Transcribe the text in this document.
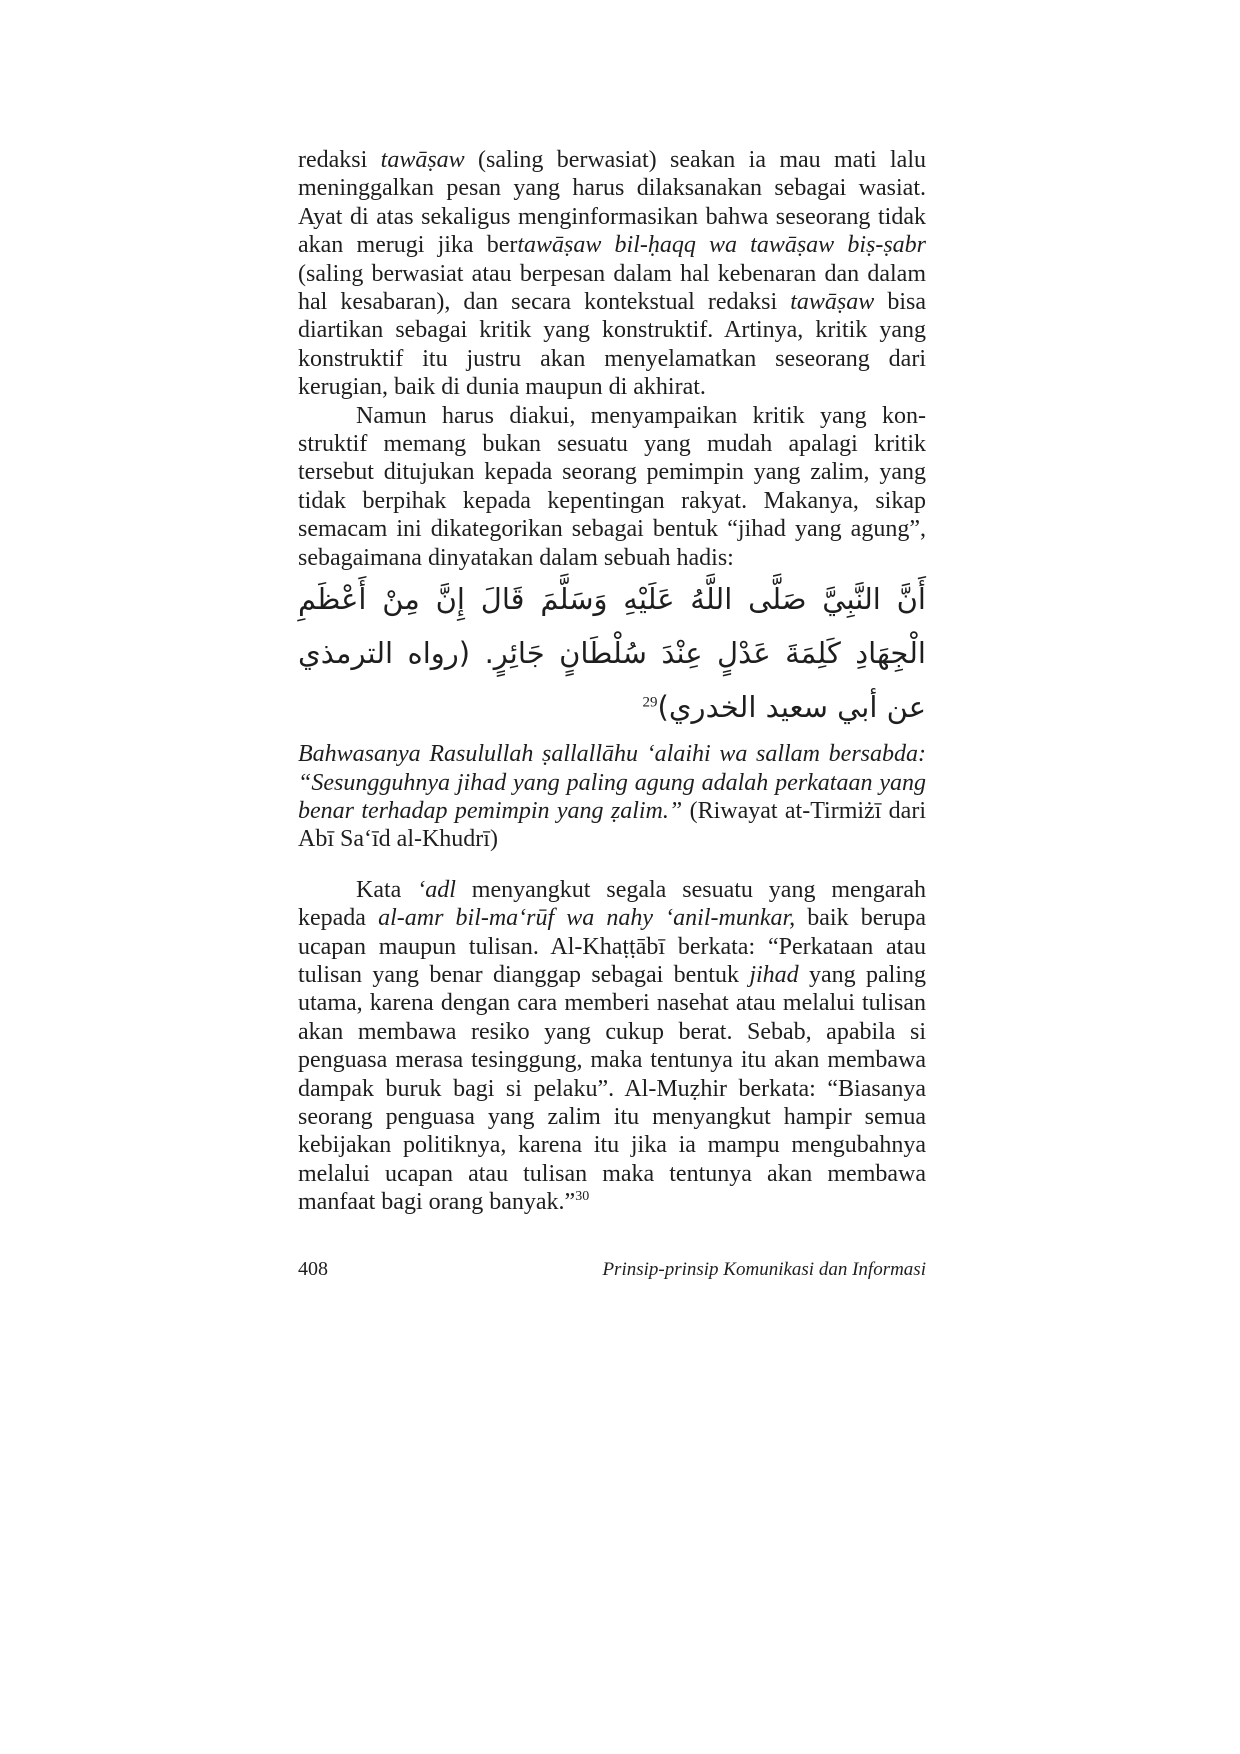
redaksi tawāṣaw (saling berwasiat) seakan ia mau mati lalu meninggalkan pesan yang harus dilaksanakan sebagai wasiat. Ayat di atas sekaligus menginformasikan bahwa seseorang tidak akan merugi jika bertawāṣaw bil-ḥaqq wa tawāṣaw biṣ-ṣabr (saling berwasiat atau berpesan dalam hal kebenaran dan dalam hal kesabaran), dan secara kontekstual redaksi tawāṣaw bisa diartikan sebagai kritik yang konstruktif. Artinya, kritik yang konstruktif itu justru akan menyelamatkan seseorang dari kerugian, baik di dunia maupun di akhirat.

Namun harus diakui, menyampaikan kritik yang konstruktif memang bukan sesuatu yang mudah apalagi kritik tersebut ditujukan kepada seorang pemimpin yang zalim, yang tidak berpihak kepada kepentingan rakyat. Makanya, sikap semacam ini dikategorikan sebagai bentuk “jihad yang agung”, sebagaimana dinyatakan dalam sebuah hadis:

أَنَّ النَّبِيَّ صَلَّى اللَّهُ عَلَيْهِ وَسَلَّمَ قَالَ إِنَّ مِنْ أَعْظَمِ الْجِهَادِ كَلِمَةَ عَدْلٍ عِنْدَ سُلْطَانٍ جَائِرٍ. (رواه الترمذي عن أبي سعيد الخدري)$^{29}$

Bahwasanya Rasulullah ṣallallāhu ‘alaihi wa sallam bersabda: “Sesungguhnya jihad yang paling agung adalah perkataan yang benar terhadap pemimpin yang ẓalim.” (Riwayat at-Tirmiżī dari Abī Sa‘īd al-Khudrī)

Kata ‘adl menyangkut segala sesuatu yang mengarah kepada al-amr bil-ma‘rūf wa nahy ‘anil-munkar, baik berupa ucapan maupun tulisan. Al-Khaṭṭābī berkata: “Perkataan atau tulisan yang benar dianggap sebagai bentuk jihad yang paling utama, karena dengan cara memberi nasehat atau melalui tulisan akan membawa resiko yang cukup berat. Sebab, apabila si penguasa merasa tesinggung, maka tentunya itu akan membawa dampak buruk bagi si pelaku”. Al-Muẓhir berkata: “Biasanya seorang penguasa yang zalim itu menyangkut hampir semua kebijakan politiknya, karena itu jika ia mampu mengubahnya melalui ucapan atau tulisan maka tentunya akan membawa manfaat bagi orang banyak.”$^{30}$

408	Prinsip-prinsip Komunikasi dan Informasi
